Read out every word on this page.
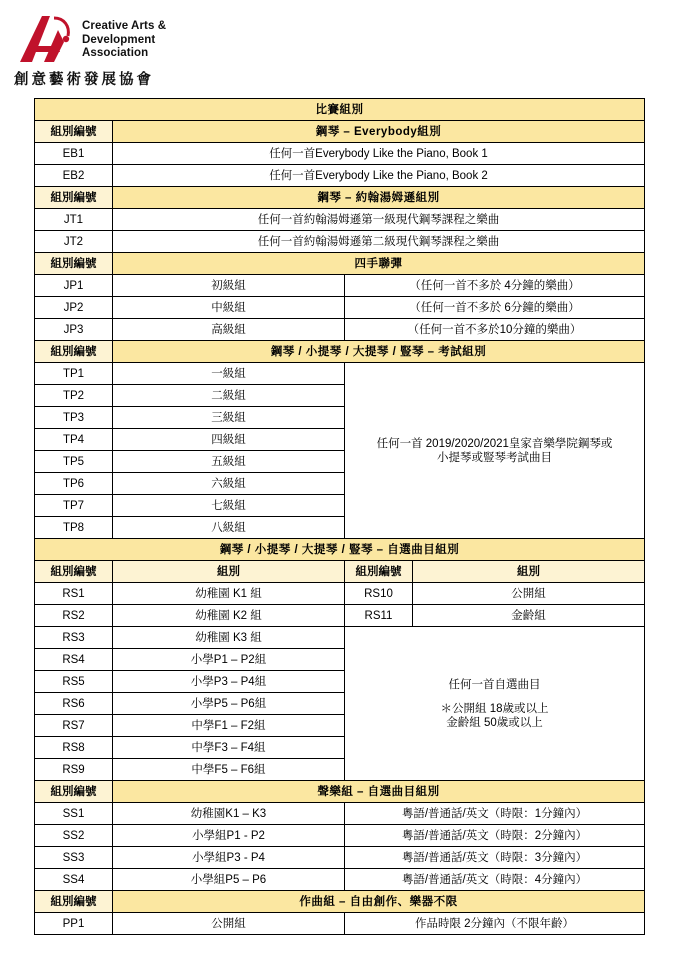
Creative Arts &
Development
Association
創意藝術發展協會
比賽組別			
組別編號	鋼琴 – Everybody組別		
EB1	任何一首Everybody Like the Piano, Book 1		
EB2	任何一首Everybody Like the Piano, Book 2		
組別編號	鋼琴 – 約翰湯姆遜組別		
JT1	任何一首約翰湯姆遜第一級現代鋼琴課程之樂曲		
JT2	任何一首約翰湯姆遜第二級現代鋼琴課程之樂曲		
組別編號	四手聯彈		
JP1	初級組	（任何一首不多於 4分鐘的樂曲）	
JP2	中級組	（任何一首不多於 6分鐘的樂曲）	
JP3	高級組	（任何一首不多於10分鐘的樂曲）	
組別編號	鋼琴 / 小提琴 / 大提琴 / 豎琴 – 考試組別		
TP1	一級組	任何一首 2019/2020/2021皇家音樂學院鋼琴或
小提琴或豎琴考試曲目	

TP2	二級組		
TP3	三級組		
TP4	四級組		
TP5	五級組		
TP6	六級組		
TP7	七級組		
TP8	八級組		
鋼琴 / 小提琴 / 大提琴 / 豎琴 – 自選曲目組別			
組別編號	組別	組別編號	組別
RS1	幼稚園 K1 組	RS10	公開組
RS2	幼稚園 K2 組	RS11	金齡組
RS3	幼稚園 K3 組	任何一首自選曲目
＊公開組 18歲或以上
金齡組 50歲或以上	

RS4	小學P1 – P2組		
RS5	小學P3 – P4組		
RS6	小學P5 – P6組		
RS7	中學F1 – F2組		
RS8	中學F3 – F4組		
RS9	中學F5 – F6組		
組別編號	聲樂組 – 自選曲目組別		
SS1	幼稚園K1 – K3	粵語/普通話/英文（時限：1分鐘內）	
SS2	小學組P1 - P2	粵語/普通話/英文（時限：2分鐘內）	
SS3	小學組P3 - P4	粵語/普通話/英文（時限：3分鐘內）	
SS4	小學組P5 – P6	粵語/普通話/英文（時限：4分鐘內）	
組別編號	作曲組 – 自由創作、樂器不限		
PP1	公開組	作品時限 2分鐘內（不限年齡）	
